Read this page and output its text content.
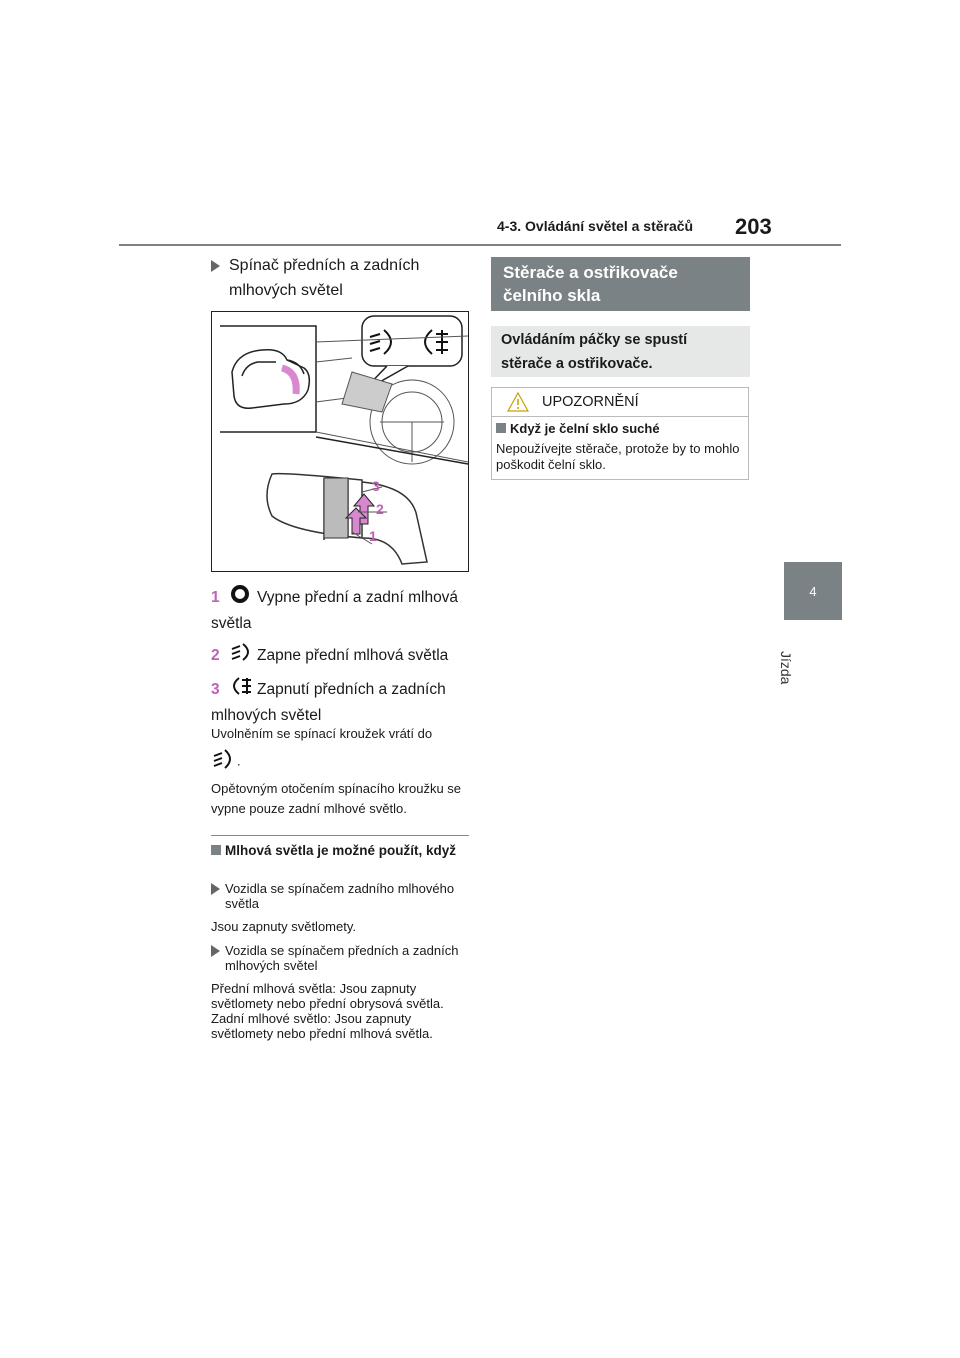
4-3. Ovládání světel a stěračů 203
4
Jízda
Spínač předních a zadních mlhových světel
3
2
1
1 Vypne přední a zadní mlhová světla
2 Zapne přední mlhová světla
3 Zapnutí předních a zadních mlhových světel
Uvolněním se spínací kroužek vrátí do
.
Opětovným otočením spínacího kroužku se vypne pouze zadní mlhové světlo.
Mlhová světla je možné použít, když
Vozidla se spínačem zadního mlhového světla
Jsou zapnuty světlomety.
Vozidla se spínačem předních a zadních mlhových světel
Přední mlhová světla: Jsou zapnuty světlomety nebo přední obrysová světla. Zadní mlhové světlo: Jsou zapnuty světlomety nebo přední mlhová světla.
Stěrače a ostřikovače čelního skla
Ovládáním páčky se spustí stěrače a ostřikovače.
UPOZORNĚNÍ
Když je čelní sklo suché
Nepoužívejte stěrače, protože by to mohlo poškodit čelní sklo.
